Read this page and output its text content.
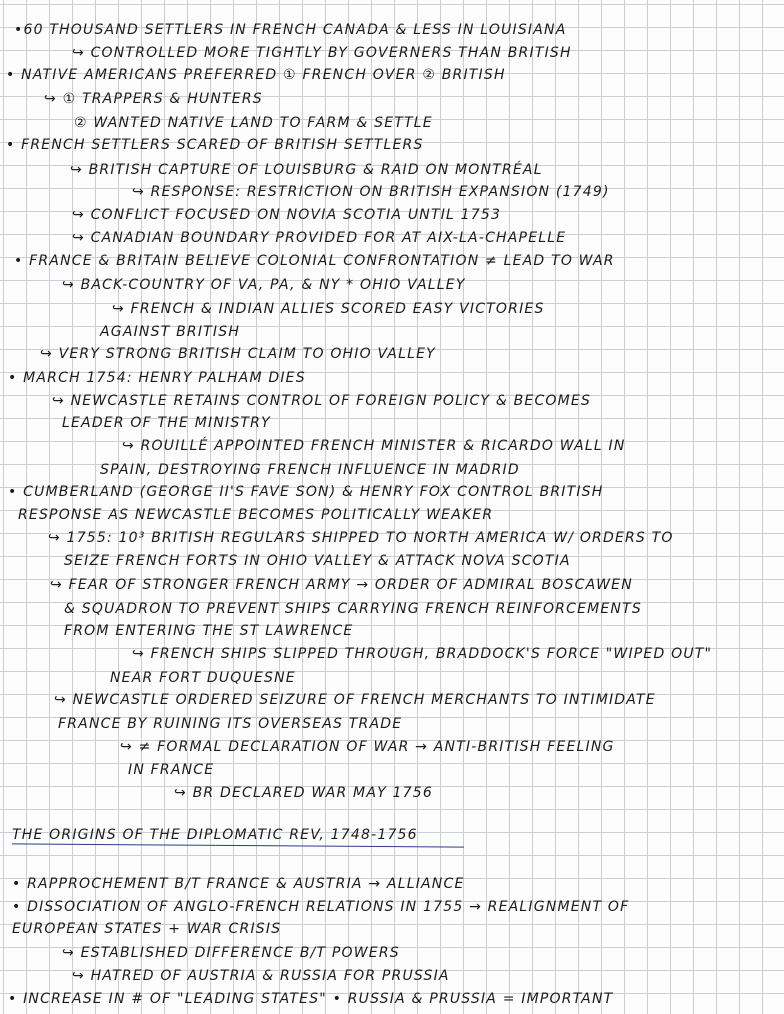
•60 THOUSAND SETTLERS IN FRENCH CANADA & LESS IN LOUISIANA
↪ CONTROLLED MORE TIGHTLY BY GOVERNERS THAN BRITISH
• NATIVE AMERICANS PREFERRED ① FRENCH OVER ② BRITISH
↪ ① TRAPPERS & HUNTERS
② WANTED NATIVE LAND TO FARM & SETTLE
• FRENCH SETTLERS SCARED OF BRITISH SETTLERS
↪ BRITISH CAPTURE OF LOUISBURG & RAID ON MONTRÉAL
↪ RESPONSE: RESTRICTION ON BRITISH EXPANSION (1749)
↪ CONFLICT FOCUSED ON NOVIA SCOTIA UNTIL 1753
↪ CANADIAN BOUNDARY PROVIDED FOR AT AIX-LA-CHAPELLE
• FRANCE & BRITAIN BELIEVE COLONIAL CONFRONTATION ≠ LEAD TO WAR
↪ BACK-COUNTRY OF VA, PA, & NY * OHIO VALLEY
↪ FRENCH & INDIAN ALLIES SCORED EASY VICTORIES
AGAINST BRITISH
↪ VERY STRONG BRITISH CLAIM TO OHIO VALLEY
• MARCH 1754: HENRY PALHAM DIES
↪ NEWCASTLE RETAINS CONTROL OF FOREIGN POLICY & BECOMES
LEADER OF THE MINISTRY
↪ ROUILLÉ APPOINTED FRENCH MINISTER & RICARDO WALL IN
SPAIN, DESTROYING FRENCH INFLUENCE IN MADRID
• CUMBERLAND (GEORGE II'S FAVE SON) & HENRY FOX CONTROL BRITISH
RESPONSE AS NEWCASTLE BECOMES POLITICALLY WEAKER
↪ 1755: 10³ BRITISH REGULARS SHIPPED TO NORTH AMERICA W/ ORDERS TO
SEIZE FRENCH FORTS IN OHIO VALLEY & ATTACK NOVA SCOTIA
↪ FEAR OF STRONGER FRENCH ARMY → ORDER OF ADMIRAL BOSCAWEN
& SQUADRON TO PREVENT SHIPS CARRYING FRENCH REINFORCEMENTS
FROM ENTERING THE ST LAWRENCE
↪ FRENCH SHIPS SLIPPED THROUGH, BRADDOCK'S FORCE "WIPED OUT"
NEAR FORT DUQUESNE
↪ NEWCASTLE ORDERED SEIZURE OF FRENCH MERCHANTS TO INTIMIDATE
FRANCE BY RUINING ITS OVERSEAS TRADE
↪ ≠ FORMAL DECLARATION OF WAR → ANTI-BRITISH FEELING
IN FRANCE
↪ BR DECLARED WAR MAY 1756
THE ORIGINS OF THE DIPLOMATIC REV, 1748-1756
• RAPPROCHEMENT B/T FRANCE & AUSTRIA → ALLIANCE
• DISSOCIATION OF ANGLO-FRENCH RELATIONS IN 1755 → REALIGNMENT OF
EUROPEAN STATES + WAR CRISIS
↪ ESTABLISHED DIFFERENCE B/T POWERS
↪ HATRED OF AUSTRIA & RUSSIA FOR PRUSSIA
• INCREASE IN # OF "LEADING STATES" • RUSSIA & PRUSSIA = IMPORTANT
